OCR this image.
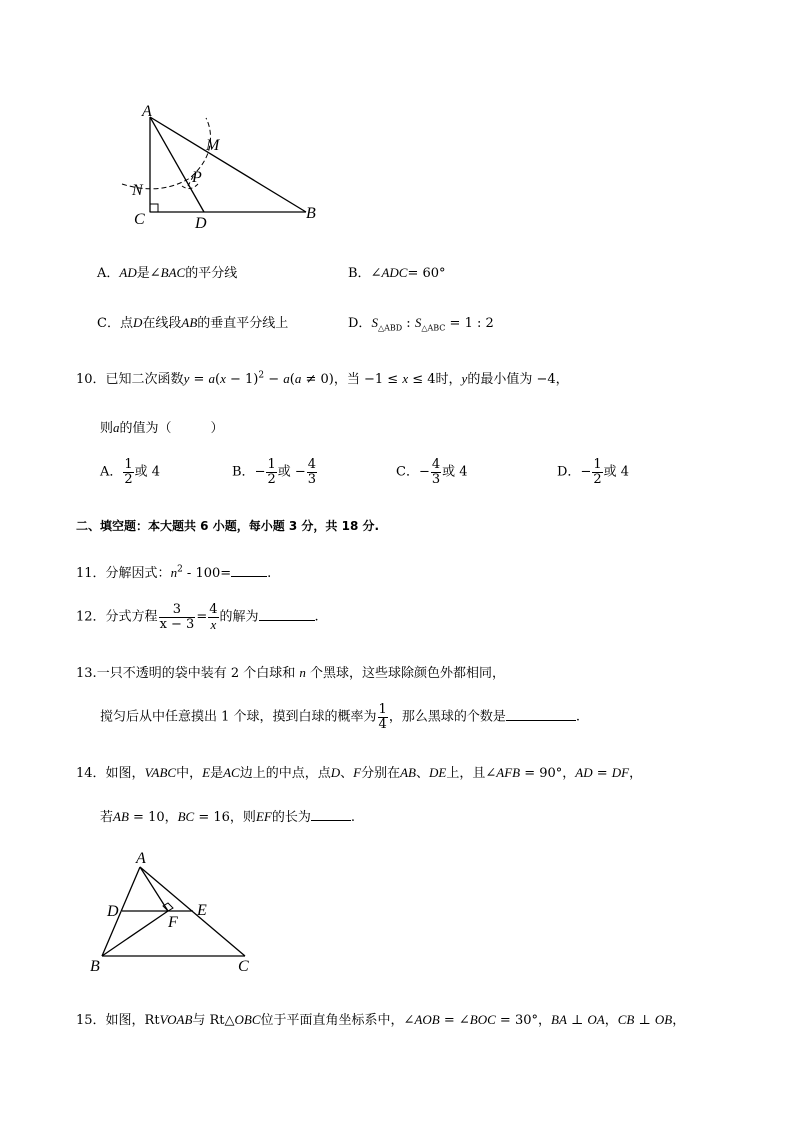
A
M
P
N
C	D
B
A．AD是∠BAC的平分线	B．∠ADC= 60°
C．点D在线段AB的垂直平分线上	D．$S_{\triangle ABD}$ : $S_{\triangle ABC} = 1$ : 2
10．已知二次函数$y = a(x - 1)^2 - a(a \ne 0)$，当 −1 ≤ x ≤ 4时，y的最小值为 −4，
则a的值为（　　　）
A． $\frac{1}{2}$ 或 4	B．− $\frac{1}{2}$ 或 − $\frac{4}{3}$	C．− $\frac{4}{3}$ 或 4	D．− $\frac{1}{2}$ 或 4
二、填空题：本大题共 6 小题，每小题 3 分，共 18 分.
11．分解因式：$n^2 - 100=$	.
12．分式方程 $\frac{3}{x - 3} = \frac{4}{x}$ 的解为	.
13.一只不透明的袋中装有 2 个白球和 n 个黑球，这些球除颜色外都相同，
搅匀后从中任意摸出 1 个球，摸到白球的概率为 $\frac{1}{4}$ ，那么黑球的个数是	.
14．如图，VABC中，E是AC边上的中点，点D、F分别在AB、DE上，且∠AFB = 90°，AD = DF，
若AB = 10，BC = 16，则EF的长为	.
A
D	E
F
B	C
15．如图，RtVOAB与 Rt△OBC位于平面直角坐标系中，∠AOB = ∠BOC = 30°，BA ⊥ OA，CB ⊥ OB，
